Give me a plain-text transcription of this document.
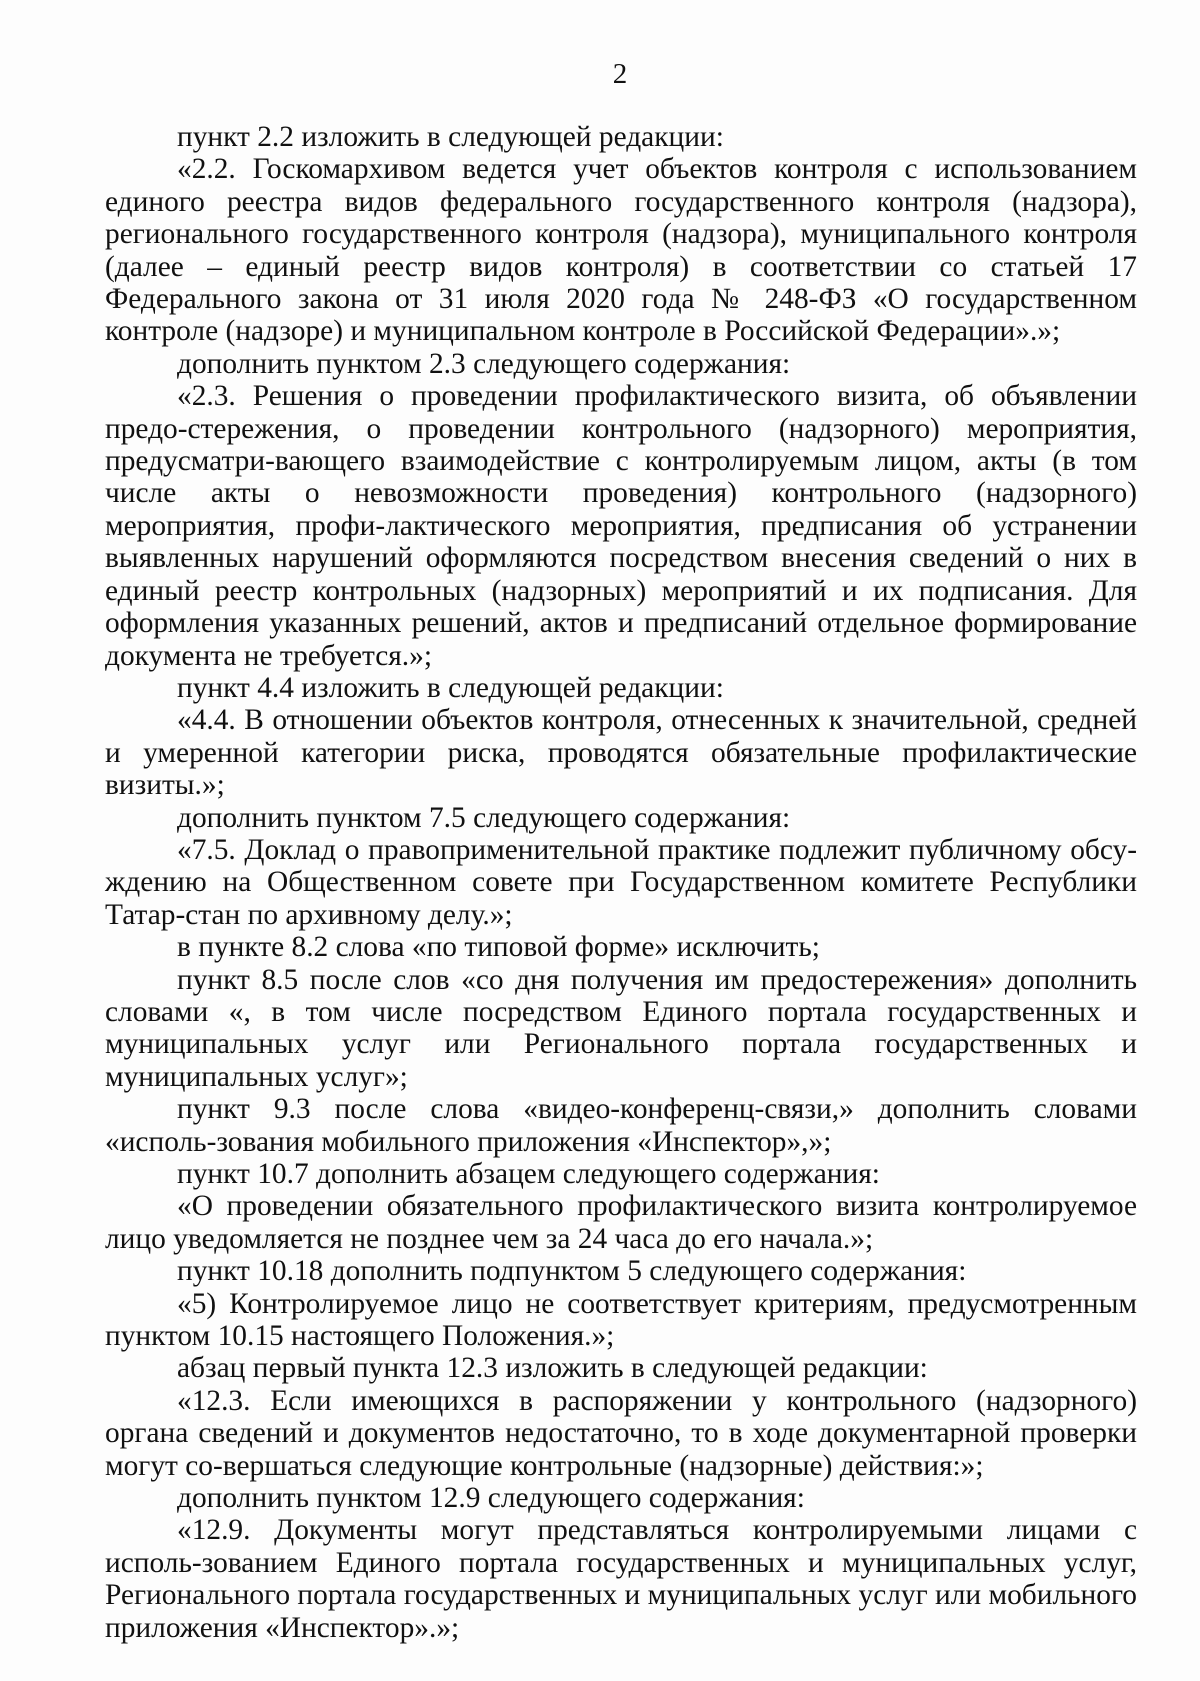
2

пункт 2.2 изложить в следующей редакции:

«2.2. Госкомархивом ведется учет объектов контроля с использованием единого реестра видов федерального государственного контроля (надзора), регионального государственного контроля (надзора), муниципального контроля (далее – единый реестр видов контроля) в соответствии со статьей 17 Федерального закона от 31 июля 2020 года № 248-ФЗ «О государственном контроле (надзоре) и муниципальном контроле в Российской Федерации».»;

дополнить пунктом 2.3 следующего содержания:

«2.3. Решения о проведении профилактического визита, об объявлении предо-стережения, о проведении контрольного (надзорного) мероприятия, предусматри-вающего взаимодействие с контролируемым лицом, акты (в том числе акты о невозможности проведения) контрольного (надзорного) мероприятия, профи-лактического мероприятия, предписания об устранении выявленных нарушений оформляются посредством внесения сведений о них в единый реестр контрольных (надзорных) мероприятий и их подписания. Для оформления указанных решений, актов и предписаний отдельное формирование документа не требуется.»;

пункт 4.4 изложить в следующей редакции:

«4.4. В отношении объектов контроля, отнесенных к значительной, средней и умеренной категории риска, проводятся обязательные профилактические визиты.»;

дополнить пунктом 7.5 следующего содержания:

«7.5. Доклад о правоприменительной практике подлежит публичному обсу-ждению на Общественном совете при Государственном комитете Республики Татар-стан по архивному делу.»;

в пункте 8.2 слова «по типовой форме» исключить;

пункт 8.5 после слов «со дня получения им предостережения» дополнить словами «, в том числе посредством Единого портала государственных и муниципальных услуг или Регионального портала государственных и муниципальных услуг»;

пункт 9.3 после слова «видео-конференц-связи,» дополнить словами «исполь-зования мобильного приложения «Инспектор»,»;

пункт 10.7 дополнить абзацем следующего содержания:

«О проведении обязательного профилактического визита контролируемое лицо уведомляется не позднее чем за 24 часа до его начала.»;

пункт 10.18 дополнить подпунктом 5 следующего содержания:

«5) Контролируемое лицо не соответствует критериям, предусмотренным пунктом 10.15 настоящего Положения.»;

абзац первый пункта 12.3 изложить в следующей редакции:

«12.3. Если имеющихся в распоряжении у контрольного (надзорного) органа сведений и документов недостаточно, то в ходе документарной проверки могут со-вершаться следующие контрольные (надзорные) действия:»;

дополнить пунктом 12.9 следующего содержания:

«12.9. Документы могут представляться контролируемыми лицами с исполь-зованием Единого портала государственных и муниципальных услуг, Регионального портала государственных и муниципальных услуг или мобильного приложения «Инспектор».»;
